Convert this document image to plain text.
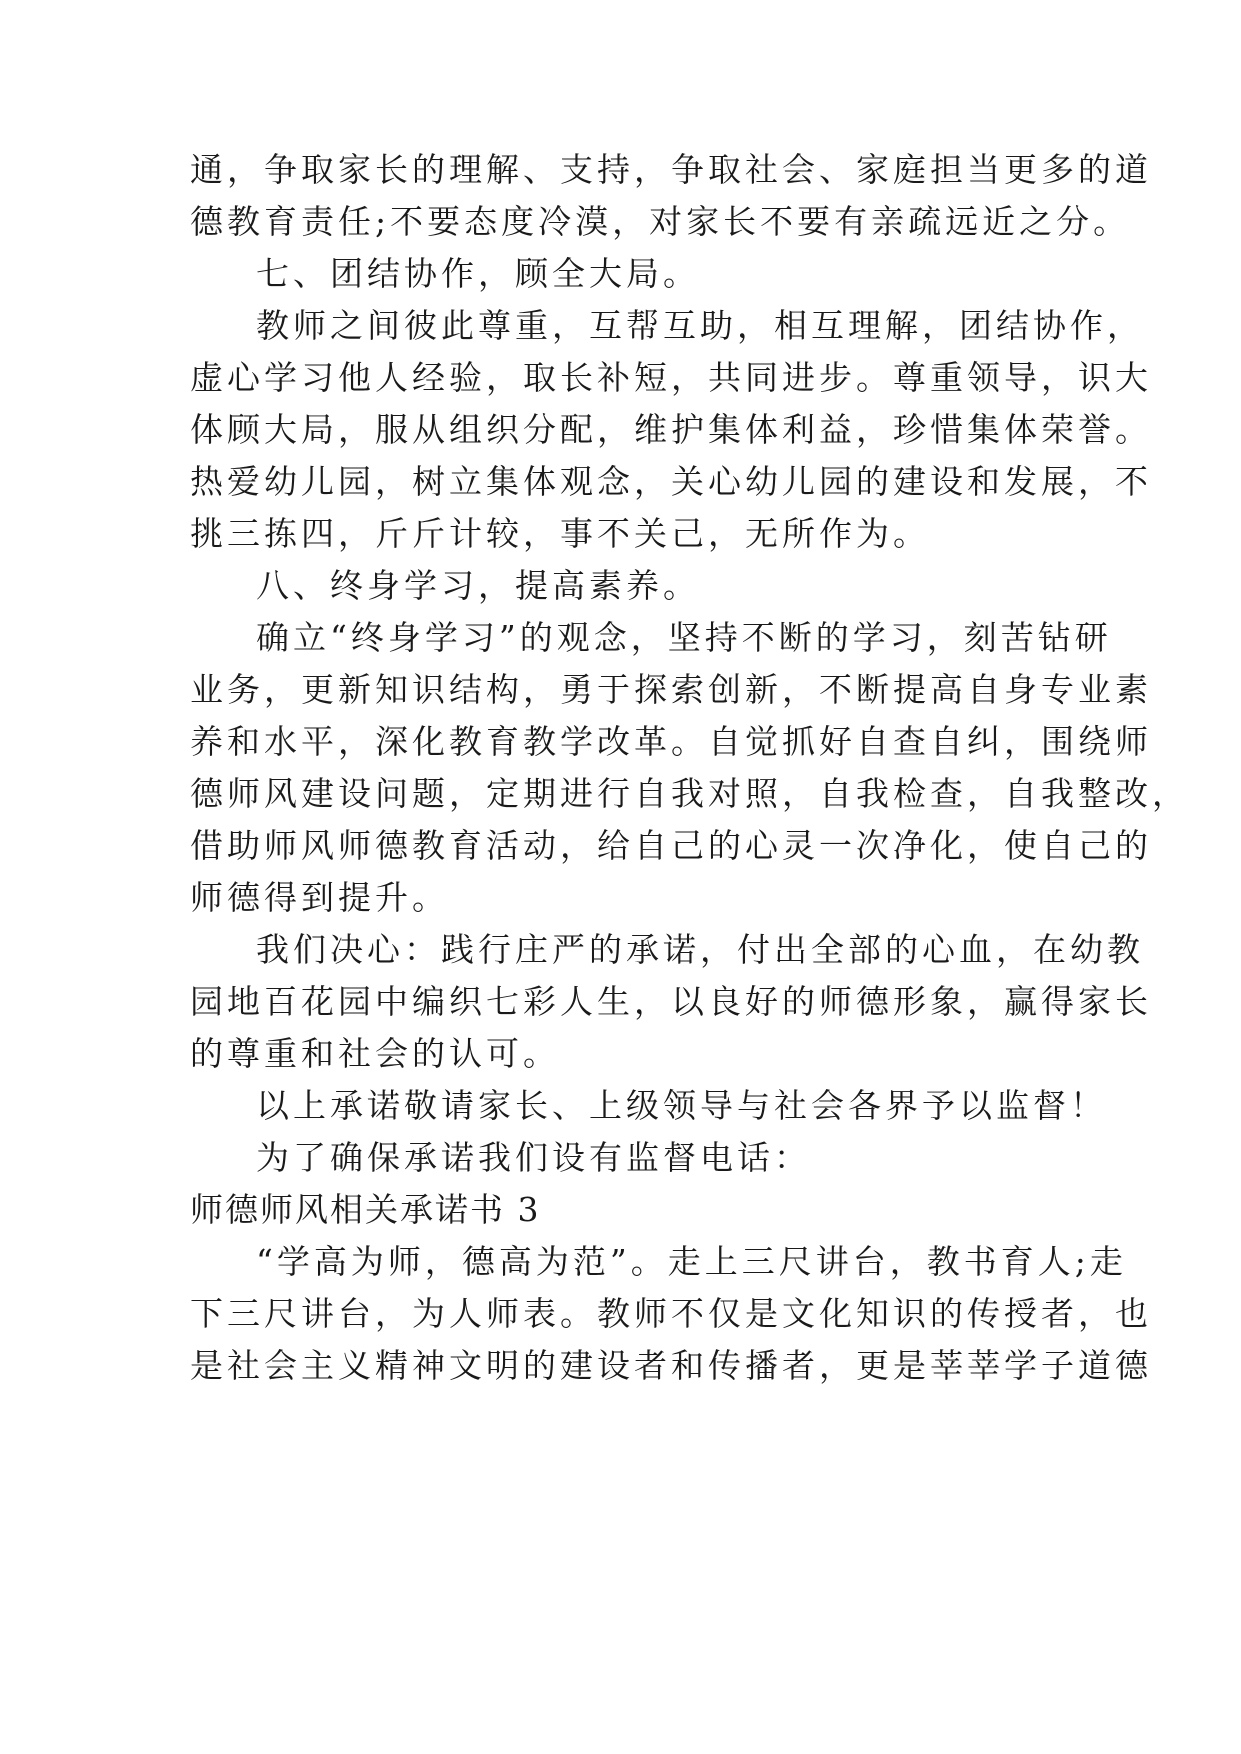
通，争取家长的理解、支持，争取社会、家庭担当更多的道
德教育责任;不要态度冷漠，对家长不要有亲疏远近之分。
七、团结协作，顾全大局。
教师之间彼此尊重，互帮互助，相互理解，团结协作，
虚心学习他人经验，取长补短，共同进步。尊重领导，识大
体顾大局，服从组织分配，维护集体利益，珍惜集体荣誉。
热爱幼儿园，树立集体观念，关心幼儿园的建设和发展，不
挑三拣四，斤斤计较，事不关己，无所作为。
八、终身学习，提高素养。
确立“终身学习”的观念，坚持不断的学习，刻苦钻研
业务，更新知识结构，勇于探索创新，不断提高自身专业素
养和水平，深化教育教学改革。自觉抓好自查自纠，围绕师
德师风建设问题，定期进行自我对照，自我检查，自我整改，
借助师风师德教育活动，给自己的心灵一次净化，使自己的
师德得到提升。
我们决心：践行庄严的承诺，付出全部的心血，在幼教
园地百花园中编织七彩人生，以良好的师德形象，赢得家长
的尊重和社会的认可。
以上承诺敬请家长、上级领导与社会各界予以监督！
为了确保承诺我们设有监督电话：
师德师风相关承诺书 3
“学高为师，德高为范”。走上三尺讲台，教书育人;走
下三尺讲台，为人师表。教师不仅是文化知识的传授者，也
是社会主义精神文明的建设者和传播者，更是莘莘学子道德
